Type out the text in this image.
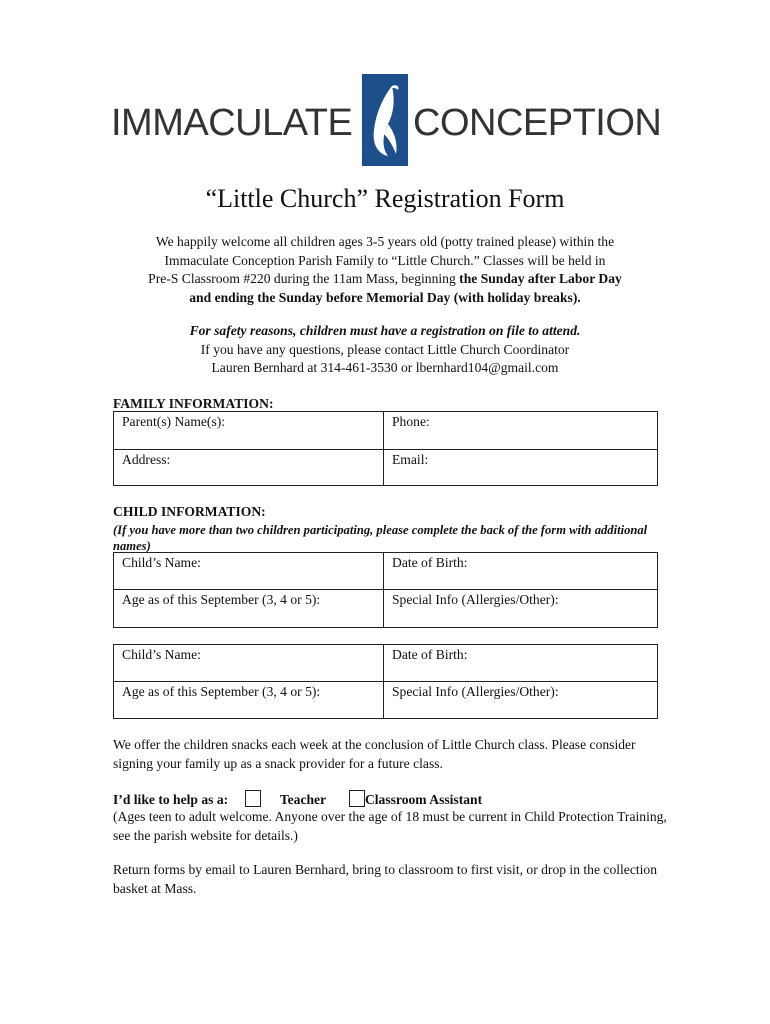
IMMACULATE CONCEPTION
“Little Church” Registration Form
We happily welcome all children ages 3-5 years old (potty trained please) within the
Immaculate Conception Parish Family to “Little Church.” Classes will be held in
Pre-S Classroom #220 during the 11am Mass, beginning the Sunday after Labor Day
and ending the Sunday before Memorial Day (with holiday breaks).
For safety reasons, children must have a registration on file to attend.
If you have any questions, please contact Little Church Coordinator
Lauren Bernhard at 314-461-3530 or lbernhard104@gmail.com
FAMILY INFORMATION:
Parent(s) Name(s):	Phone:
Address:	Email:
CHILD INFORMATION:
(If you have more than two children participating, please complete the back of the form with additional names)
Child’s Name:	Date of Birth:
Age as of this September (3, 4 or 5):	Special Info (Allergies/Other):
Child’s Name:	Date of Birth:
Age as of this September (3, 4 or 5):	Special Info (Allergies/Other):
We offer the children snacks each week at the conclusion of Little Church class. Please consider signing your family up as a snack provider for a future class.
I’d like to help as a:	Teacher	Classroom Assistant
(Ages teen to adult welcome. Anyone over the age of 18 must be current in Child Protection Training, see the parish website for details.)
Return forms by email to Lauren Bernhard, bring to classroom to first visit, or drop in the collection basket at Mass.
